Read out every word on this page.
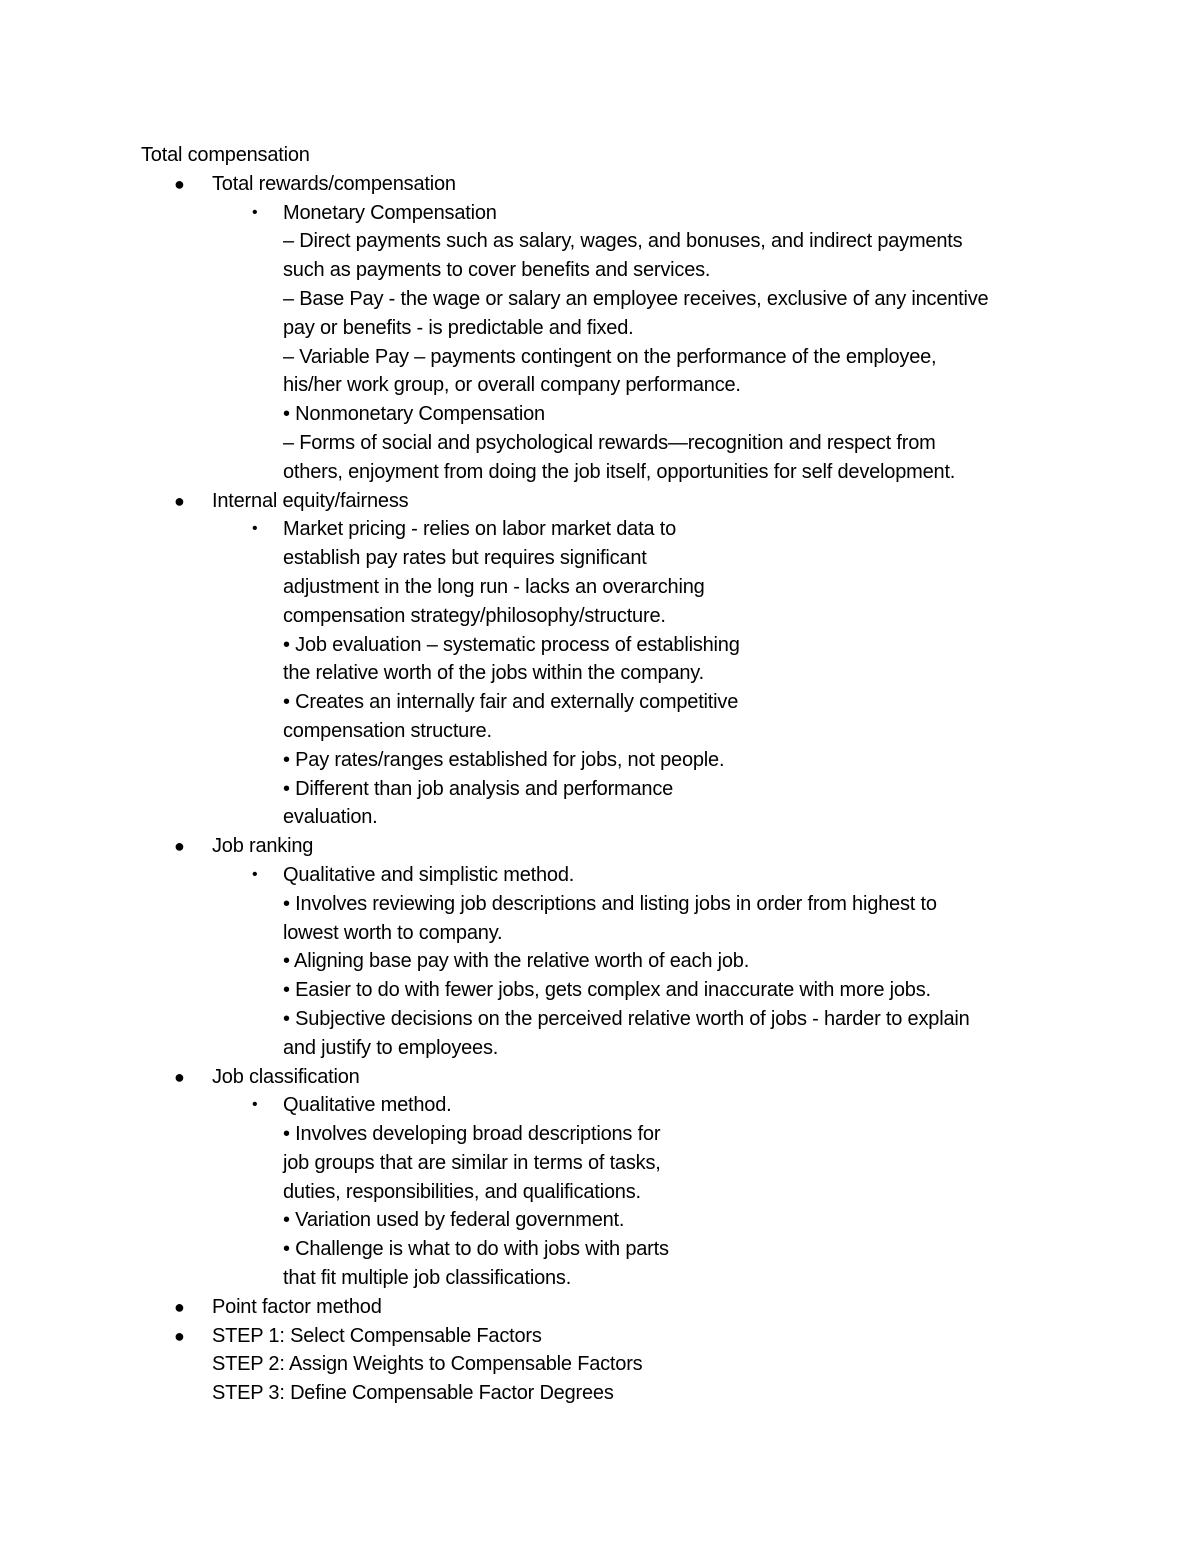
Total compensation
● Total rewards/compensation
• Monetary Compensation
– Direct payments such as salary, wages, and bonuses, and indirect payments
such as payments to cover benefits and services.
– Base Pay - the wage or salary an employee receives, exclusive of any incentive
pay or benefits - is predictable and fixed.
– Variable Pay – payments contingent on the performance of the employee,
his/her work group, or overall company performance.
• Nonmonetary Compensation
– Forms of social and psychological rewards—recognition and respect from
others, enjoyment from doing the job itself, opportunities for self development.
● Internal equity/fairness
• Market pricing - relies on labor market data to
establish pay rates but requires significant
adjustment in the long run - lacks an overarching
compensation strategy/philosophy/structure.
• Job evaluation – systematic process of establishing
the relative worth of the jobs within the company.
• Creates an internally fair and externally competitive
compensation structure.
• Pay rates/ranges established for jobs, not people.
• Different than job analysis and performance
evaluation.
● Job ranking
• Qualitative and simplistic method.
• Involves reviewing job descriptions and listing jobs in order from highest to
lowest worth to company.
• Aligning base pay with the relative worth of each job.
• Easier to do with fewer jobs, gets complex and inaccurate with more jobs.
• Subjective decisions on the perceived relative worth of jobs - harder to explain
and justify to employees.
● Job classification
• Qualitative method.
• Involves developing broad descriptions for
job groups that are similar in terms of tasks,
duties, responsibilities, and qualifications.
• Variation used by federal government.
• Challenge is what to do with jobs with parts
that fit multiple job classifications.
● Point factor method
● STEP 1: Select Compensable Factors
STEP 2: Assign Weights to Compensable Factors
STEP 3: Define Compensable Factor Degrees
